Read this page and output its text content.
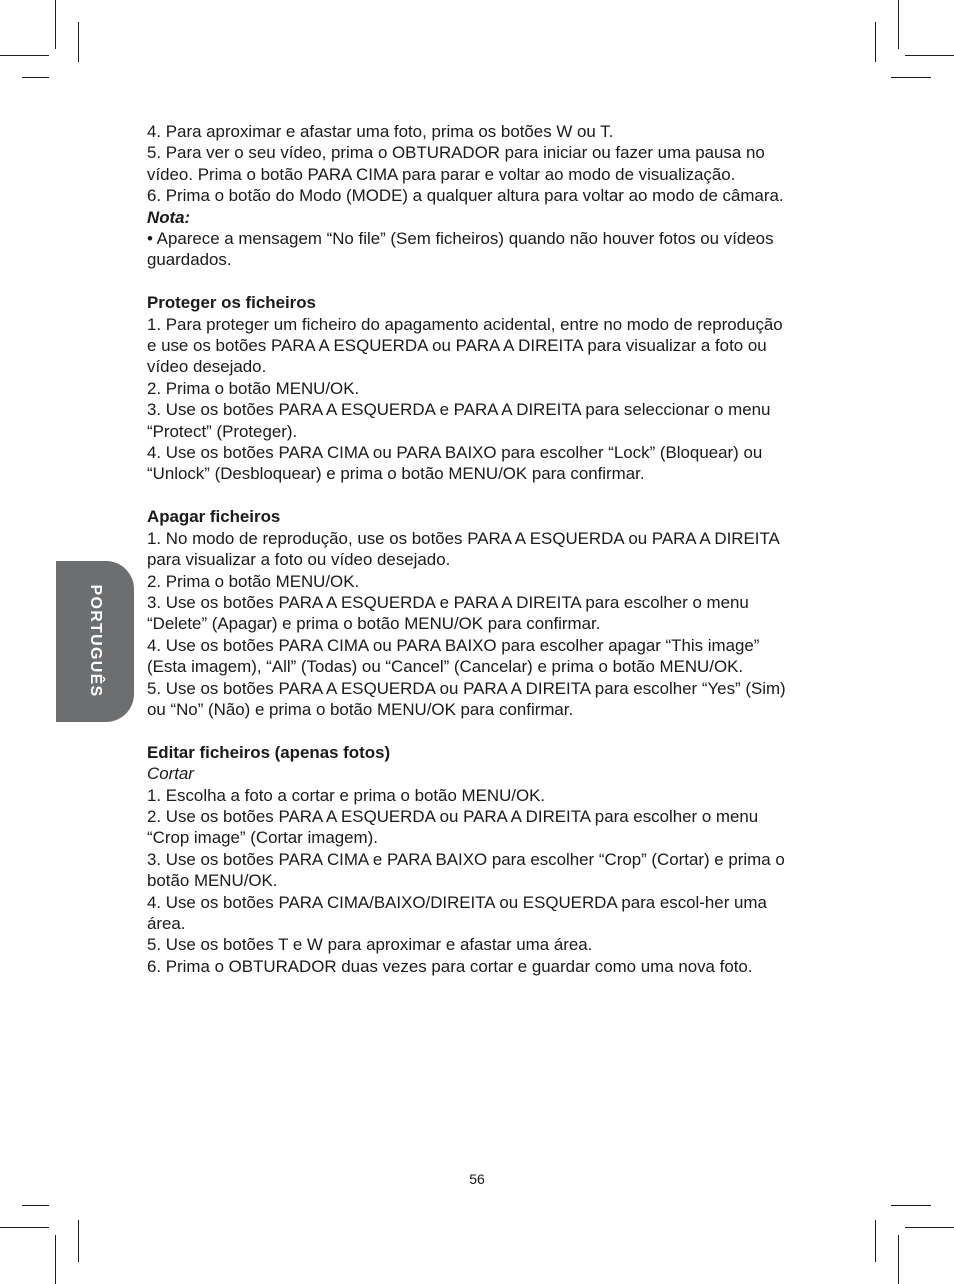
PORTUGUÊS

4. Para aproximar e afastar uma foto, prima os botões W ou T.

5. Para ver o seu vídeo, prima o OBTURADOR para iniciar ou fazer uma pausa no vídeo. Prima o botão PARA CIMA para parar e voltar ao modo de visualização.

6. Prima o botão do Modo (MODE) a qualquer altura para voltar ao modo de câmara.

Nota:

• Aparece a mensagem “No file” (Sem ficheiros) quando não houver fotos ou vídeos guardados.

Proteger os ficheiros

1. Para proteger um ficheiro do apagamento acidental, entre no modo de reprodução e use os botões PARA A ESQUERDA ou PARA A DIREITA para visualizar a foto ou vídeo desejado.

2. Prima o botão MENU/OK.

3. Use os botões PARA A ESQUERDA e PARA A DIREITA para seleccionar o menu “Protect” (Proteger).

4. Use os botões PARA CIMA ou PARA BAIXO para escolher “Lock” (Bloquear) ou “Unlock” (Desbloquear) e prima o botão MENU/OK para confirmar.

Apagar ficheiros

1. No modo de reprodução, use os botões PARA A ESQUERDA ou PARA A DIREITA para visualizar a foto ou vídeo desejado.

2. Prima o botão MENU/OK.

3. Use os botões PARA A ESQUERDA e PARA A DIREITA para escolher o menu “Delete” (Apagar) e prima o botão MENU/OK para confirmar.

4. Use os botões PARA CIMA ou PARA BAIXO para escolher apagar “This image” (Esta imagem), “All” (Todas) ou “Cancel” (Cancelar) e prima o botão MENU/OK.

5. Use os botões PARA A ESQUERDA ou PARA A DIREITA para escolher “Yes” (Sim) ou “No” (Não) e prima o botão MENU/OK para confirmar.

Editar ficheiros (apenas fotos)

Cortar

1. Escolha a foto a cortar e prima o botão MENU/OK.

2. Use os botões PARA A ESQUERDA ou PARA A DIREITA para escolher o menu “Crop image” (Cortar imagem).

3. Use os botões PARA CIMA e PARA BAIXO para escolher “Crop” (Cortar) e prima o botão MENU/OK.

4. Use os botões PARA CIMA/BAIXO/DIREITA ou ESQUERDA para escol-her uma área.

5. Use os botões T e W para aproximar e afastar uma área.

6. Prima o OBTURADOR duas vezes para cortar e guardar como uma nova foto.

56
